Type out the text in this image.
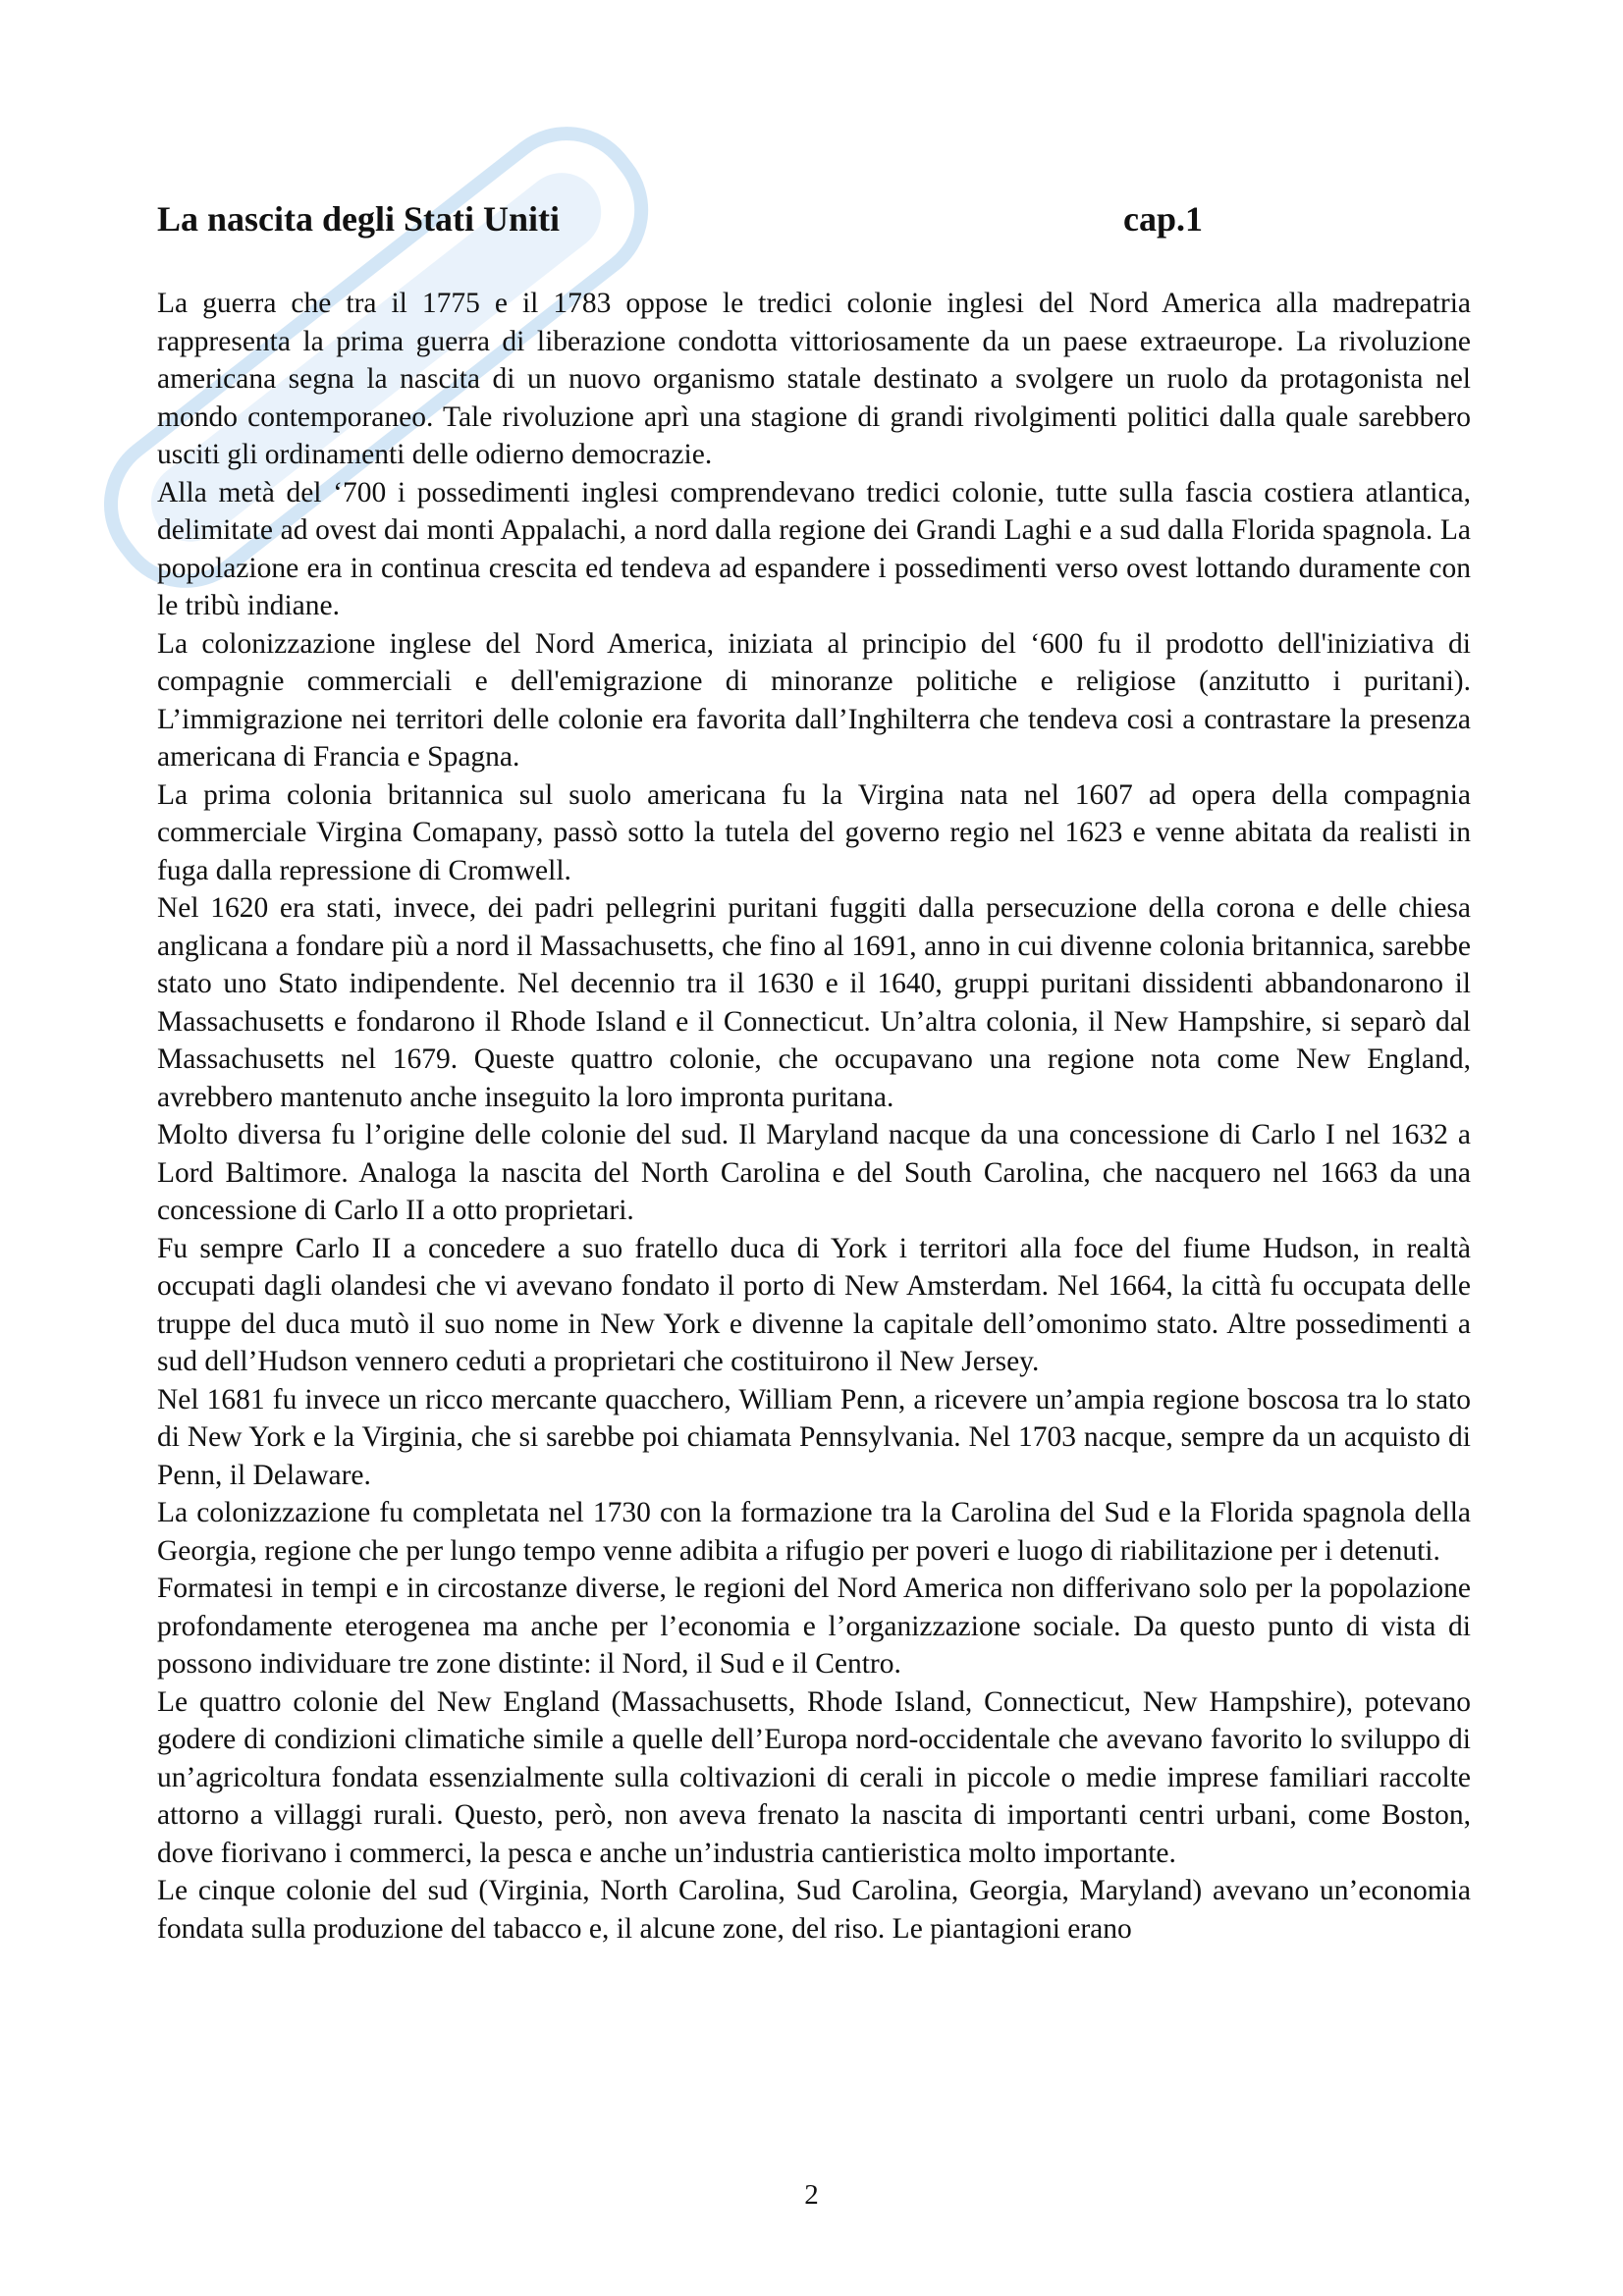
La nascita degli Stati Uniti	cap.1

La guerra che tra il 1775 e il 1783 oppose le tredici colonie inglesi del Nord America alla madrepatria rappresenta la prima guerra di liberazione condotta vittoriosamente da un paese extraeurope. La rivoluzione americana segna la nascita di un nuovo organismo statale destinato a svolgere un ruolo da protagonista nel mondo contemporaneo. Tale rivoluzione aprì una stagione di grandi rivolgimenti politici dalla quale sarebbero usciti gli ordinamenti delle odierno democrazie.

Alla metà del ‘700 i possedimenti inglesi comprendevano tredici colonie, tutte sulla fascia costiera atlantica, delimitate ad ovest dai monti Appalachi, a nord dalla regione dei Grandi Laghi e a sud dalla Florida spagnola. La popolazione era in continua crescita ed tendeva ad espandere i possedimenti verso ovest lottando duramente con le tribù indiane.

La colonizzazione inglese del Nord America, iniziata al principio del ‘600 fu il prodotto dell'iniziativa di compagnie commerciali e dell'emigrazione di minoranze politiche e religiose (anzitutto i puritani). L’immigrazione nei territori delle colonie era favorita dall’Inghilterra che tendeva cosi a contrastare la presenza americana di Francia e Spagna.

La prima colonia britannica sul suolo americana fu la Virgina nata nel 1607 ad opera della compagnia commerciale Virgina Comapany, passò sotto la tutela del governo regio nel 1623 e venne abitata da realisti in fuga dalla repressione di Cromwell.

Nel 1620 era stati, invece, dei padri pellegrini puritani fuggiti dalla persecuzione della corona e delle chiesa anglicana a fondare più a nord il Massachusetts, che fino al 1691, anno in cui divenne colonia britannica, sarebbe stato uno Stato indipendente. Nel decennio tra il 1630 e il 1640, gruppi puritani dissidenti abbandonarono il Massachusetts e fondarono il Rhode Island e il Connecticut. Un’altra colonia, il New Hampshire, si separò dal Massachusetts nel 1679. Queste quattro colonie, che occupavano una regione nota come New England, avrebbero mantenuto anche inseguito la loro impronta puritana.

Molto diversa fu l’origine delle colonie del sud. Il Maryland nacque da una concessione di Carlo I nel 1632 a Lord Baltimore. Analoga la nascita del North Carolina e del South Carolina, che nacquero nel 1663 da una concessione di Carlo II a otto proprietari.

Fu sempre Carlo II a concedere a suo fratello duca di York i territori alla foce del fiume Hudson, in realtà occupati dagli olandesi che vi avevano fondato il porto di New Amsterdam. Nel 1664, la città fu occupata delle truppe del duca mutò il suo nome in New York e divenne la capitale dell’omonimo stato. Altre possedimenti a sud dell’Hudson vennero ceduti a proprietari che costituirono il New Jersey.

Nel 1681 fu invece un ricco mercante quacchero, William Penn, a ricevere un’ampia regione boscosa tra lo stato di New York e la Virginia, che si sarebbe poi chiamata Pennsylvania. Nel 1703 nacque, sempre da un acquisto di Penn, il Delaware.

La colonizzazione fu completata nel 1730 con la formazione tra la Carolina del Sud e la Florida spagnola della Georgia, regione che per lungo tempo venne adibita a rifugio per poveri e luogo di riabilitazione per i detenuti.

Formatesi in tempi e in circostanze diverse, le regioni del Nord America non differivano solo per la popolazione profondamente eterogenea ma anche per l’economia e l’organizzazione sociale. Da questo punto di vista di possono individuare tre zone distinte: il Nord, il Sud e il Centro.

Le quattro colonie del New England (Massachusetts, Rhode Island, Connecticut, New Hampshire), potevano godere di condizioni climatiche simile a quelle dell’Europa nord-occidentale che avevano favorito lo sviluppo di un’agricoltura fondata essenzialmente sulla coltivazioni di cerali in piccole o medie imprese familiari raccolte attorno a villaggi rurali. Questo, però, non aveva frenato la nascita di importanti centri urbani, come Boston, dove fiorivano i commerci, la pesca e anche un’industria cantieristica molto importante.

Le cinque colonie del sud (Virginia, North Carolina, Sud Carolina, Georgia, Maryland) avevano un’economia fondata sulla produzione del tabacco e, il alcune zone, del riso. Le piantagioni erano

2
